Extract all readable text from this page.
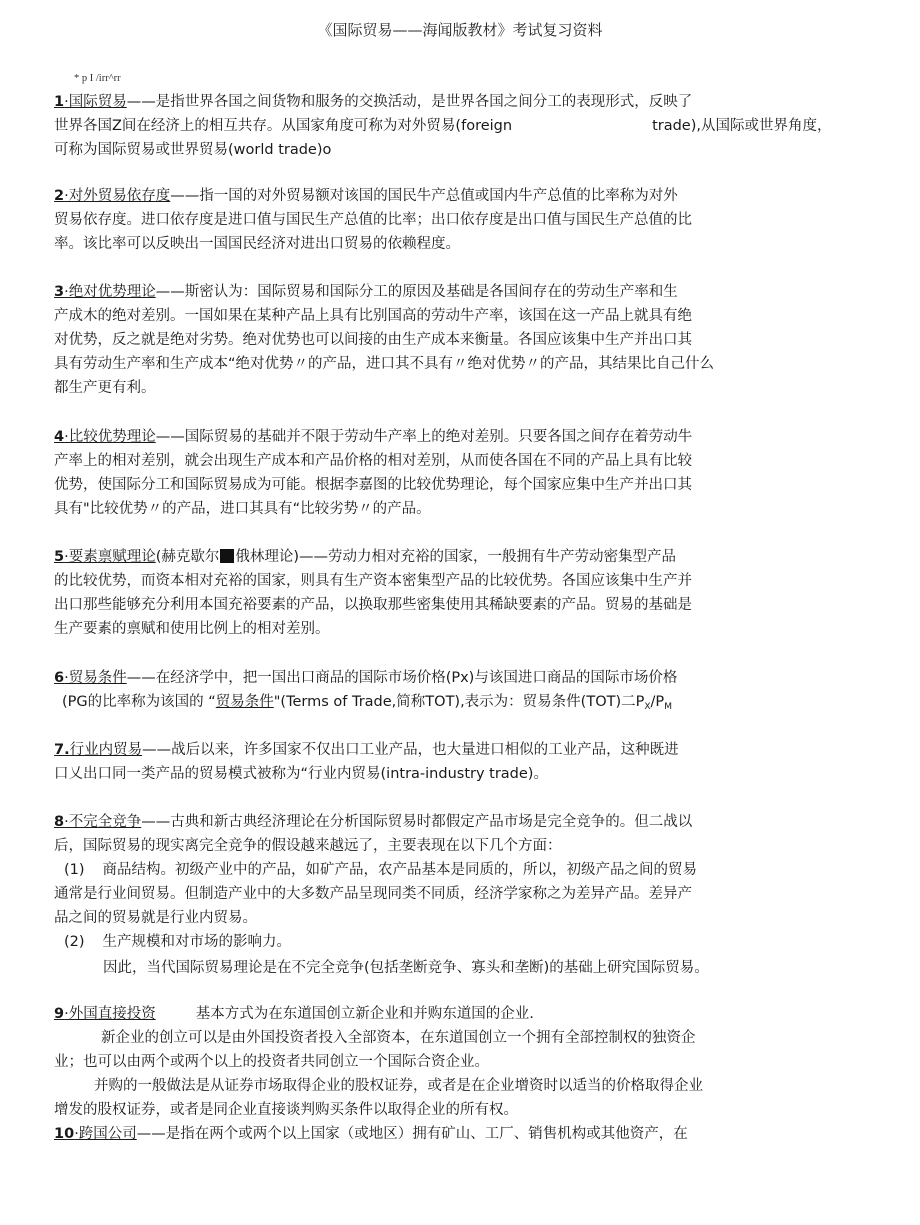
《国际贸易——海闻版教材》考试复习资料
* p I /irr^rr
1·国际贸易——是指世界各国之间货物和服务的交换活动，是世界各国之间分工的表现形式，反映了
世界各国Z间在经济上的相互共存。从国家角度可称为对外贸易(foreign	trade),从国际或世界角度，
可称为国际贸易或世界贸易(world trade)o
2·对外贸易依存度——指一国的对外贸易额对该国的国民牛产总值或国内牛产总值的比率称为对外
贸易依存度。进口依存度是进口值与国民生产总值的比率；出口依存度是出口值与国民生产总值的比
率。该比率可以反映出一国国民经济对进出口贸易的依赖程度。
3·绝对优势理论——斯密认为：国际贸易和国际分工的原因及基础是各国间存在的劳动生产率和生
产成木的绝对差别。一国如果在某种产品上具有比别国高的劳动牛产率，该国在这一产品上就具有绝
对优势，反之就是绝对劣势。绝对优势也可以间接的由生产成本来衡量。各国应该集中生产并出口其
具有劳动生产率和生产成本“绝对优势〃的产品，进口其不具有〃绝对优势〃的产品，其结果比自己什么
都生产更有利。
4·比较优势理论——国际贸易的基础并不限于劳动牛产率上的绝对差别。只要各国之间存在着劳动牛
产率上的相对差别，就会出现生产成本和产品价格的相对差别，从而使各国在不同的产品上具有比较
优势，使国际分工和国际贸易成为可能。根据李嘉图的比较优势理论，每个国家应集中生产并出口其
具有"比较优势〃的产品，进口其具有“比较劣势〃的产品。
5·要素禀赋理论(赫克歇尔 俄林理论)——劳动力相对充裕的国家，一般拥有牛产劳动密集型产品
的比较优势，而资本相对充裕的国家，则具有生产资本密集型产品的比较优势。各国应该集中生产并
出口那些能够充分利用本国充裕要素的产品，以换取那些密集使用其稀缺要素的产品。贸易的基础是
生产要素的禀赋和使用比例上的相对差别。
6·贸易条件——在经济学中，把一国出口商品的国际市场价格(Px)与该国进口商品的国际市场价格
(PG的比率称为该国的 “贸易条件"(Terms of Trade,简称TOT),表示为：贸易条件(TOT)二$P_X/P_M$
7.行业内贸易——战后以来，许多国家不仅出口工业产品，也大量进口相似的工业产品，这种既进
口乂出口同一类产品的贸易模式被称为“行业内贸易(intra-industry trade)。
8·不完全竞争——古典和新古典经济理论在分析国际贸易时都假定产品市场是完全竞争的。但二战以
后，国际贸易的现实离完全竞争的假设越来越远了，主要表现在以下几个方面：
(1) 商品结构。初级产业中的产品，如矿产品，农产品基本是同质的，所以，初级产品之间的贸易
通常是行业间贸易。但制造产业中的大多数产品呈现同类不同质，经济学家称之为差异产品。差异产
品之间的贸易就是行业内贸易。
(2) 生产规模和对市场的影响力。
因此，当代国际贸易理论是在不完全竞争(包括垄断竞争、寡头和垄断)的基础上研究国际贸易。
9·外国直接投资	基本方式为在东道国创立新企业和并购东道国的企业.
新企业的创立可以是由外国投资者投入全部资本，在东道国创立一个拥有全部控制权的独资企
业；也可以由两个或两个以上的投资者共同创立一个国际合资企业。
并购的一般做法是从证券市场取得企业的股权证券，或者是在企业增资时以适当的价格取得企业
增发的股权证券，或者是同企业直接谈判购买条件以取得企业的所有权。
10·跨国公司——是指在两个或两个以上国家（或地区）拥有矿山、工厂、销售机构或其他资产，在
